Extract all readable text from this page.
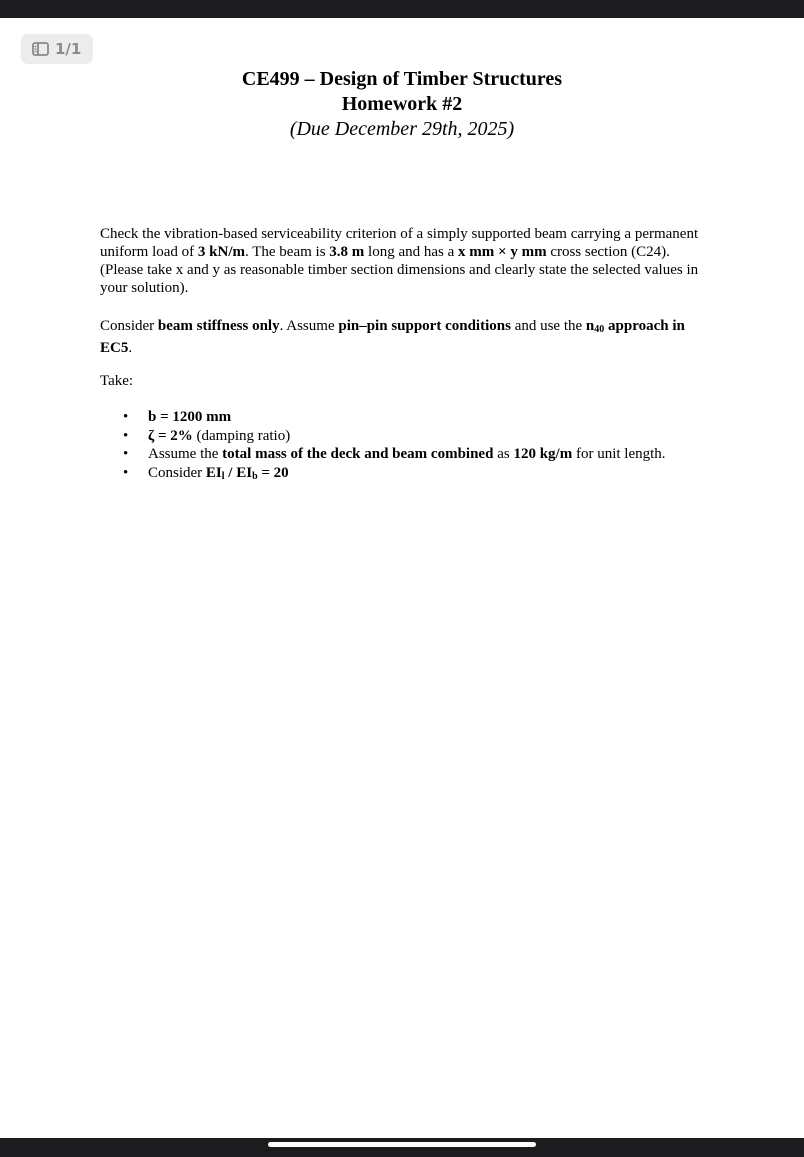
1/1
CE499 – Design of Timber Structures
Homework #2
(Due December 29th, 2025)
Check the vibration-based serviceability criterion of a simply supported beam carrying a permanent uniform load of 3 kN/m. The beam is 3.8 m long and has a x mm × y mm cross section (C24). (Please take x and y as reasonable timber section dimensions and clearly state the selected values in your solution).
Consider beam stiffness only. Assume pin–pin support conditions and use the $n_{40}$ approach in EC5.
Take:
• b = 1200 mm
• ζ = 2% (damping ratio)
• Assume the total mass of the deck and beam combined as 120 kg/m for unit length.
• Consider $EI_l / EI_b = 20$
